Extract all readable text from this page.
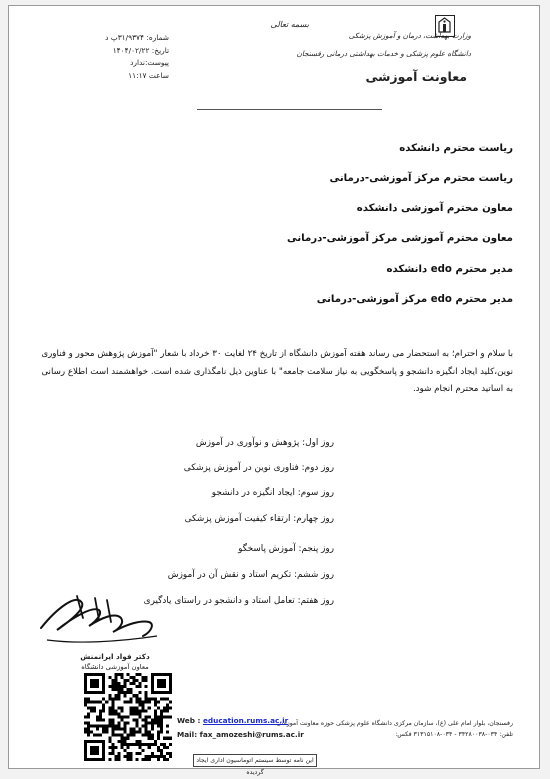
وزارت بهداشت، درمان و آموزش پزشکی
دانشگاه علوم پزشکی و خدمات بهداشتی درمانی رفسنجان
معاونت آموزشی
بسمه تعالی
شماره: ۳۱/۹۳۷۴پ د
تاریخ: ۱۴۰۴/۰۲/۲۲
پیوست:ندارد
ساعت ۱۱:۱۷
ریاست محترم دانشکده
ریاست محترم مرکز آموزشی-درمانی
معاون محترم آموزشی دانشکده
معاون محترم آموزشی مرکز آموزشی-درمانی
مدیر محترم edo دانشکده
مدیر محترم edo مرکز آموزشی-درمانی
با سلام و احترام؛ به استحضار می رساند هفته آموزش دانشگاه از تاریخ ۲۴ لغایت ۳۰ خرداد با شعار "آموزش پژوهش محور و فناوری نوین،کلید ایجاد انگیزه دانشجو و پاسخگویی به نیاز سلامت جامعه" با عناوین ذیل نامگذاری شده است. خواهشمند است اطلاع رسانی به اساتید محترم انجام شود.
روز اول: پژوهش و نوآوری در آموزش
روز دوم: فناوری نوین در آموزش پزشکی
روز سوم: ایجاد انگیزه در دانشجو
روز چهارم: ارتقاء کیفیت آموزش پزشکی
روز پنجم: آموزش پاسخگو
روز ششم: تکریم استاد و نقش آن در آموزش
روز هفتم: تعامل استاد و دانشجو در راستای یادگیری
دکتر فواد ایرانمنش
معاون آموزشی دانشگاه
رفسنجان، بلوار امام علی (ع)، سازمان مرکزی دانشگاه علوم پزشکی حوزه معاونت آموزشی
تلفن: ۰۳۴-۳۴۲۸۰۰۳۸ - ۰۳۴-۳۱۳۱۵۱۰۸ فکس:
Web : education.rums.ac.ir
Mail: fax_amozeshi@rums.ac.ir
این نامه توسط سیستم اتوماسیون اداری ایجاد گردیده
